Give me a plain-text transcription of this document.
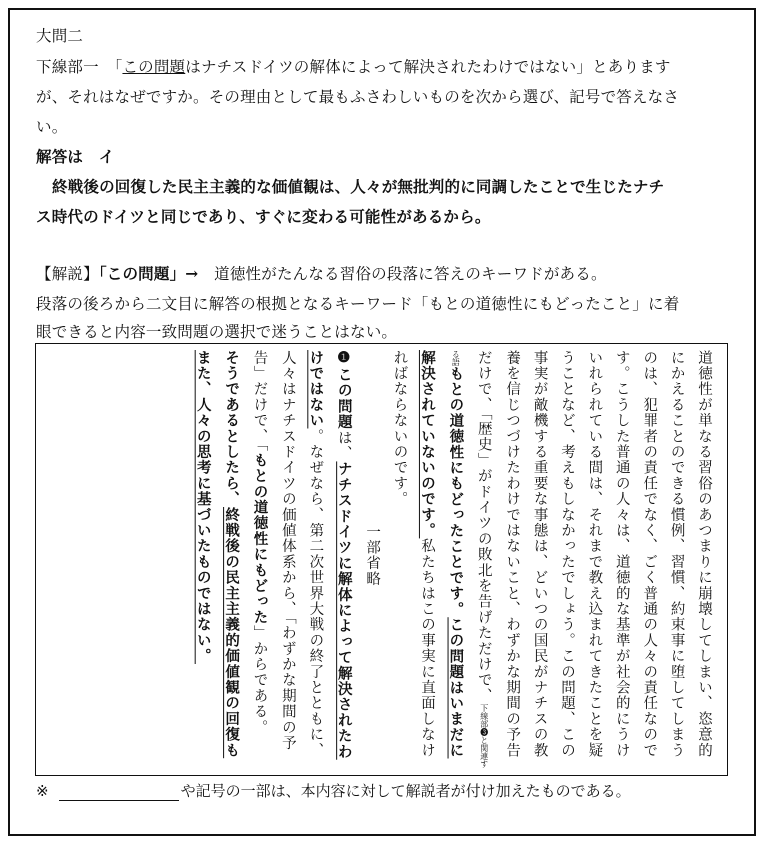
大問二
下線部一　「この問題はナチスドイツの解体によって解決されたわけではない」とあります
が、それはなぜですか。その理由として最もふさわしいものを次から選び、記号で答えなさ
い。
解答は　イ
終戦後の回復した民主主義的な価値観は、人々が無批判的に同調したことで生じたナチ
ス時代のドイツと同じであり、すぐに変わる可能性があるから。
【解説】「この問題」→　道徳性がたんなる習俗の段落に答えのキーワドがある。
段落の後ろから二文目に解答の根拠となるキーワード「もとの道徳性にもどったこと」に着
眼できると内容一致問題の選択で迷うことはない。

道徳性が単なる習俗のあつまりに崩壊してしまい、恣意的にかえることのできる慣例、習慣、約束事に堕してしまうのは、犯罪者の責任でなく、ごく普通の人々の責任なのです。こうした普通の人々は、道徳的な基準が社会的にうけいれられている間は、それまで教え込まれてきたことを疑うことなど、考えもしなかったでしょう。この問題、この事実が敵機する重要な事態は、どいつの国民がナチスの教養を信じつづけたわけではないこと、わずかな期間の予告だけで、「歴史」がドイツの敗北を告げただけで、下線部❸と関連する語もとの道徳性にもどったことです。この問題はいまだに解決されていないのです。私たちはこの事実に直面しなければならないのです。

一部省略

❶この問題は、ナチスドイツに解体によって解決されたわけではない。なぜなら、第二次世界大戦の終了とともに、人々はナチスドイツの価値体系から、「わずかな期間の予告」だけで、「もとの道徳性にもどった」からである。

そうであるとしたら、終戦後の民主主義的価値観の回復もまた、人々の思考に基づいたものではない。

※	や記号の一部は、本内容に対して解説者が付け加えたものである。
